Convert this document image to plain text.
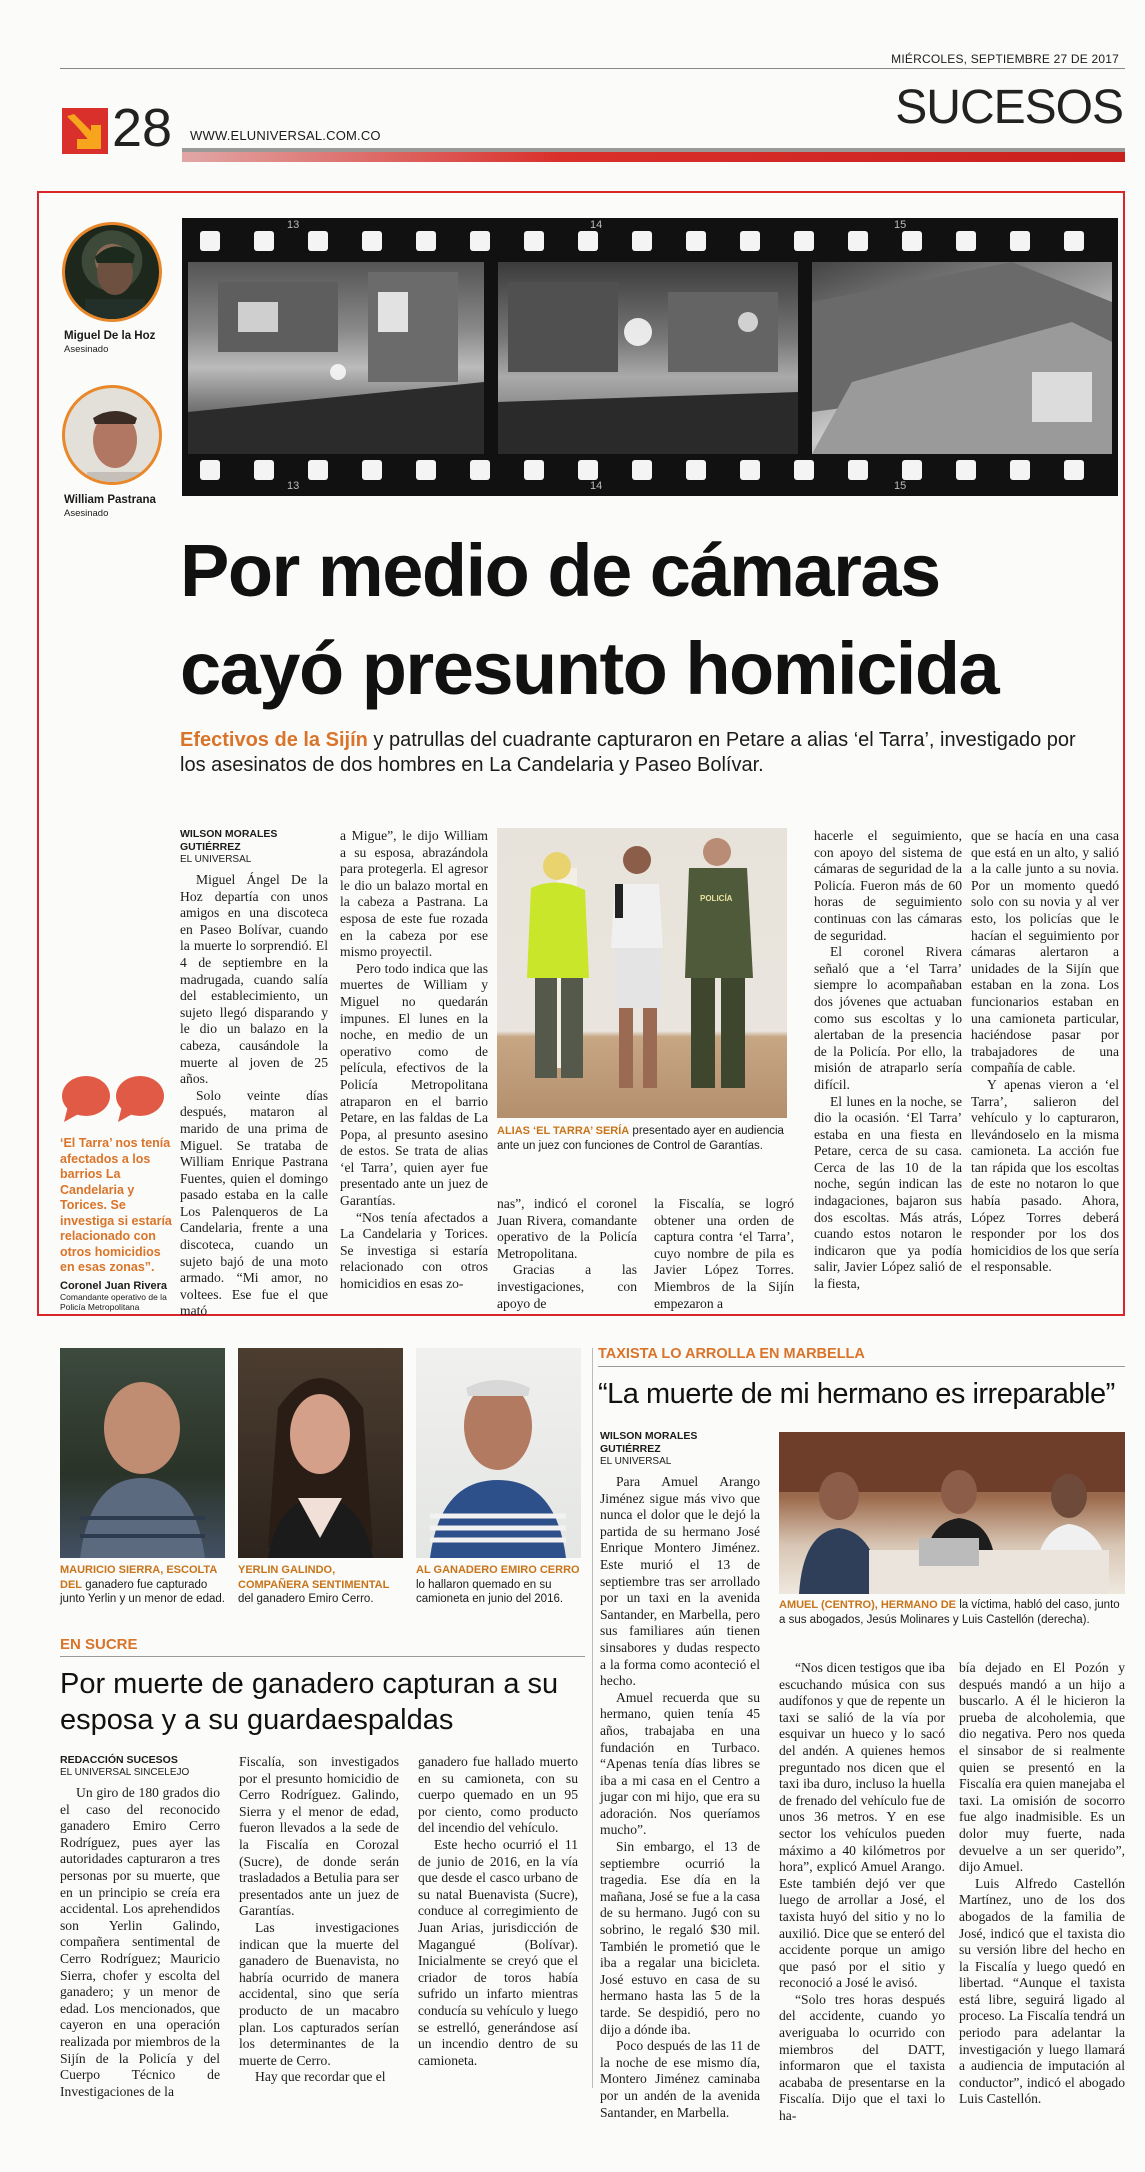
MIÉRCOLES, SEPTIEMBRE 27 DE 2017
28 WWW.ELUNIVERSAL.COM.CO
SUCESOS
Miguel De la Hoz
Asesinado
William Pastrana
Asesinado
13	14	15
13	14	15
Por medio de cámaras
cayó presunto homicida
Efectivos de la Sijín y patrullas del cuadrante capturaron en Petare a alias ‘el Tarra’, investigado por los asesinatos de dos hombres en La Candelaria y Paseo Bolívar.
WILSON MORALES GUTIÉRREZ
EL UNIVERSAL

Miguel Ángel De la Hoz departía con unos amigos en una discoteca en Paseo Bolívar, cuando la muerte lo sorprendió. El 4 de septiembre en la madrugada, cuando salía del establecimiento, un sujeto llegó disparando y le dio un balazo en la cabeza, causándole la muerte al joven de 25 años.

Solo veinte días después, mataron al marido de una prima de Miguel. Se trataba de William Enrique Pastrana Fuentes, quien el domingo pasado estaba en la calle Los Palenqueros de La Candelaria, frente a una discoteca, cuando un sujeto bajó de una moto armado. “Mi amor, no voltees. Ese fue el que mató

‘El Tarra’ nos tenía afectados a los barrios La Candelaria y Torices. Se investiga si estaría relacionado con otros homicidios en esas zonas”.
Coronel Juan Rivera
Comandante operativo de la Policía Metropolitana

a Migue”, le dijo William a su esposa, abrazándola para protegerla. El agresor le dio un balazo mortal en la cabeza a Pastrana. La esposa de este fue rozada en la cabeza por ese mismo proyectil.

Pero todo indica que las muertes de William y Miguel no quedarán impunes. El lunes en la noche, en medio de un operativo como de película, efectivos de la Policía Metropolitana atraparon en el barrio Petare, en las faldas de La Popa, al presunto asesino de estos. Se trata de alias ‘el Tarra’, quien ayer fue presentado ante un juez de Garantías.

“Nos tenía afectados a La Candelaria y Torices. Se investiga si estaría relacionado con otros homicidios en esas zo-

POLICÍA
ALIAS ‘EL TARRA’ SERÍA presentado ayer en audiencia ante un juez con funciones de Control de Garantías.

nas”, indicó el coronel Juan Rivera, comandante operativo de la Policía Metropolitana.

Gracias a las investigaciones, con apoyo de

la Fiscalía, se logró obtener una orden de captura contra ‘el Tarra’, cuyo nombre de pila es Javier López Torres. Miembros de la Sijín empezaron a

hacerle el seguimiento, con apoyo del sistema de cámaras de seguridad de la Policía. Fueron más de 60 horas de seguimiento continuas con las cámaras de seguridad.

El coronel Rivera señaló que a ‘el Tarra’ siempre lo acompañaban dos jóvenes que actuaban como sus escoltas y lo alertaban de la presencia de la Policía. Por ello, la misión de atraparlo sería difícil.

El lunes en la noche, se dio la ocasión. ‘El Tarra’ estaba en una fiesta en Petare, cerca de su casa. Cerca de las 10 de la noche, según indican las indagaciones, bajaron sus dos escoltas. Más atrás, cuando estos notaron le indicaron que ya podía salir, Javier López salió de la fiesta,

que se hacía en una casa que está en un alto, y salió a la calle junto a su novia. Por un momento quedó solo con su novia y al ver esto, los policías que le hacían el seguimiento por cámaras alertaron a unidades de la Sijín que estaban en la zona. Los funcionarios estaban en una camioneta particular, haciéndose pasar por trabajadores de una compañía de cable.

Y apenas vieron a ‘el Tarra’, salieron del vehículo y lo capturaron, llevándoselo en la misma camioneta. La acción fue tan rápida que los escoltas de este no notaron lo que había pasado. Ahora, López Torres deberá responder por los dos homicidios de los que sería el responsable.

MAURICIO SIERRA, ESCOLTA DEL ganadero fue capturado junto Yerlin y un menor de edad.
YERLIN GALINDO, COMPAÑERA SENTIMENTAL del ganadero Emiro Cerro.
AL GANADERO EMIRO CERRO lo hallaron quemado en su camioneta en junio del 2016.
EN SUCRE
Por muerte de ganadero capturan a su esposa y a su guardaespaldas
REDACCIÓN SUCESOS
EL UNIVERSAL SINCELEJO

Un giro de 180 grados dio el caso del reconocido ganadero Emiro Cerro Rodríguez, pues ayer las autoridades capturaron a tres personas por su muerte, que en un principio se creía era accidental. Los aprehendidos son Yerlin Galindo, compañera sentimental de Cerro Rodríguez; Mauricio Sierra, chofer y escolta del ganadero; y un menor de edad. Los mencionados, que cayeron en una operación realizada por miembros de la Sijín de la Policía y del Cuerpo Técnico de Investigaciones de la

Fiscalía, son investigados por el presunto homicidio de Cerro Rodríguez. Galindo, Sierra y el menor de edad, fueron llevados a la sede de la Fiscalía en Corozal (Sucre), de donde serán trasladados a Betulia para ser presentados ante un juez de Garantías.

Las investigaciones indican que la muerte del ganadero de Buenavista, no habría ocurrido de manera accidental, sino que sería producto de un macabro plan. Los capturados serían los determinantes de la muerte de Cerro.

Hay que recordar que el

ganadero fue hallado muerto en su camioneta, con su cuerpo quemado en un 95 por ciento, como producto del incendio del vehículo.

Este hecho ocurrió el 11 de junio de 2016, en la vía que desde el casco urbano de su natal Buenavista (Sucre), conduce al corregimiento de Juan Arias, jurisdicción de Magangué (Bolívar). Inicialmente se creyó que el criador de toros había sufrido un infarto mientras conducía su vehículo y luego se estrelló, generándose así un incendio dentro de su camioneta.

TAXISTA LO ARROLLA EN MARBELLA
“La muerte de mi hermano es irreparable”
WILSON MORALES GUTIÉRREZ
EL UNIVERSAL

Para Amuel Arango Jiménez sigue más vivo que nunca el dolor que le dejó la partida de su hermano José Enrique Montero Jiménez. Este murió el 13 de septiembre tras ser arrollado por un taxi en la avenida Santander, en Marbella, pero sus familiares aún tienen sinsabores y dudas respecto a la forma como aconteció el hecho.

Amuel recuerda que su hermano, quien tenía 45 años, trabajaba en una fundación en Turbaco. “Apenas tenía días libres se iba a mi casa en el Centro a jugar con mi hijo, que era su adoración. Nos queríamos mucho”.

Sin embargo, el 13 de septiembre ocurrió la tragedia. Ese día en la mañana, José se fue a la casa de su hermano. Jugó con su sobrino, le regaló $30 mil. También le prometió que le iba a regalar una bicicleta. José estuvo en casa de su hermano hasta las 5 de la tarde. Se despidió, pero no dijo a dónde iba.

Poco después de las 11 de la noche de ese mismo día, Montero Jiménez caminaba por un andén de la avenida Santander, en Marbella.

AMUEL (CENTRO), HERMANO DE la víctima, habló del caso, junto a sus abogados, Jesús Molinares y Luis Castellón (derecha).

“Nos dicen testigos que iba escuchando música con sus audífonos y que de repente un taxi se salió de la vía por esquivar un hueco y lo sacó del andén. A quienes hemos preguntado nos dicen que el taxi iba duro, incluso la huella de frenado del vehículo fue de unos 36 metros. Y en ese sector los vehículos pueden máximo a 40 kilómetros por hora”, explicó Amuel Arango. Este también dejó ver que luego de arrollar a José, el taxista huyó del sitio y no lo auxilió. Dice que se enteró del accidente porque un amigo que pasó por el sitio y reconoció a José le avisó.

“Solo tres horas después del accidente, cuando yo averiguaba lo ocurrido con miembros del DATT, informaron que el taxista acababa de presentarse en la Fiscalía. Dijo que el taxi lo ha-

bía dejado en El Pozón y después mandó a un hijo a buscarlo. A él le hicieron la prueba de alcoholemia, que dio negativa. Pero nos queda el sinsabor de si realmente quien se presentó en la Fiscalía era quien manejaba el taxi. La omisión de socorro fue algo inadmisible. Es un dolor muy fuerte, nada devuelve a un ser querido”, dijo Amuel.

Luis Alfredo Castellón Martínez, uno de los dos abogados de la familia de José, indicó que el taxista dio su versión libre del hecho en la Fiscalía y luego quedó en libertad. “Aunque el taxista está libre, seguirá ligado al proceso. La Fiscalía tendrá un periodo para adelantar la investigación y luego llamará a audiencia de imputación al conductor”, indicó el abogado Luis Castellón.
